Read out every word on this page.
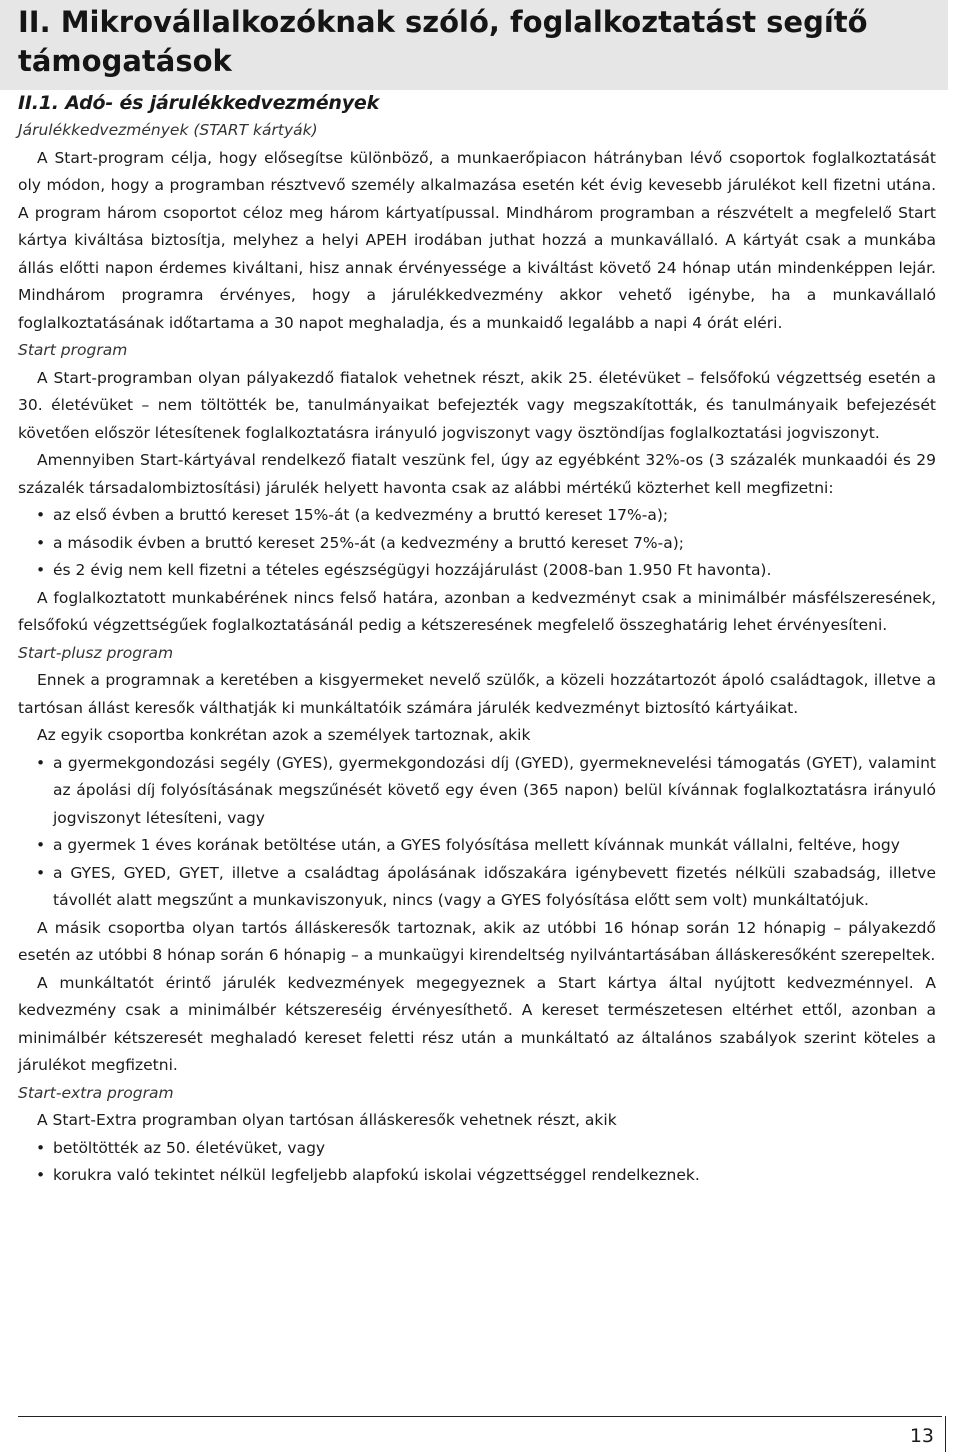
II. Mikrovállalkozóknak szóló, foglalkoztatást segítő támogatások
II.1. Adó- és járulékkedvezmények
Járulékkedvezmények (START kártyák)

A Start-program célja, hogy elősegítse különböző, a munkaerőpiacon hátrányban lévő csoportok foglalkoztatását oly módon, hogy a programban résztvevő személy alkalmazása esetén két évig kevesebb járulékot kell fizetni utána. A program három csoportot céloz meg három kártyatípussal. Mindhárom programban a részvételt a megfelelő Start kártya kiváltása biztosítja, melyhez a helyi APEH irodában juthat hozzá a munkavállaló. A kártyát csak a munkába állás előtti napon érdemes kiváltani, hisz annak érvényessége a kiváltást követő 24 hónap után mindenképpen lejár. Mindhárom programra érvényes, hogy a járulékkedvezmény akkor vehető igénybe, ha a munkavállaló foglalkoztatásának időtartama a 30 napot meghaladja, és a munkaidő legalább a napi 4 órát eléri.

Start program

A Start-programban olyan pályakezdő fiatalok vehetnek részt, akik 25. életévüket – felsőfokú végzettség esetén a 30. életévüket – nem töltötték be, tanulmányaikat befejezték vagy megszakították, és tanulmányaik befejezését követően először létesítenek foglalkoztatásra irányuló jogviszonyt vagy ösztöndíjas foglalkoztatási jogviszonyt.

Amennyiben Start-kártyával rendelkező fiatalt veszünk fel, úgy az egyébként 32%-os (3 százalék munkaadói és 29 százalék társadalombiztosítási) járulék helyett havonta csak az alábbi mértékű közterhet kell megfizetni:

• az első évben a bruttó kereset 15%-át (a kedvezmény a bruttó kereset 17%-a);
• a második évben a bruttó kereset 25%-át (a kedvezmény a bruttó kereset 7%-a);
• és 2 évig nem kell fizetni a tételes egészségügyi hozzájárulást (2008-ban 1.950 Ft havonta).

A foglalkoztatott munkabérének nincs felső határa, azonban a kedvezményt csak a minimálbér másfélszeresének, felsőfokú végzettségűek foglalkoztatásánál pedig a kétszeresének megfelelő összeghatárig lehet érvényesíteni.

Start-plusz program

Ennek a programnak a keretében a kisgyermeket nevelő szülők, a közeli hozzátartozót ápoló családtagok, illetve a tartósan állást keresők válthatják ki munkáltatóik számára járulék kedvezményt biztosító kártyáikat.

Az egyik csoportba konkrétan azok a személyek tartoznak, akik

• a gyermekgondozási segély (GYES), gyermekgondozási díj (GYED), gyermeknevelési támogatás (GYET), valamint az ápolási díj folyósításának megszűnését követő egy éven (365 napon) belül kívánnak foglalkoztatásra irányuló jogviszonyt létesíteni, vagy
• a gyermek 1 éves korának betöltése után, a GYES folyósítása mellett kívánnak munkát vállalni, feltéve, hogy
• a GYES, GYED, GYET, illetve a családtag ápolásának időszakára igénybevett fizetés nélküli szabadság, illetve távollét alatt megszűnt a munkaviszonyuk, nincs (vagy a GYES folyósítása előtt sem volt) munkáltatójuk.

A másik csoportba olyan tartós álláskeresők tartoznak, akik az utóbbi 16 hónap során 12 hónapig – pályakezdő esetén az utóbbi 8 hónap során 6 hónapig – a munkaügyi kirendeltség nyilvántartásában álláskeresőként szerepeltek.

A munkáltatót érintő járulék kedvezmények megegyeznek a Start kártya által nyújtott kedvezménnyel. A kedvezmény csak a minimálbér kétszereséig érvényesíthető. A kereset természetesen eltérhet ettől, azonban a minimálbér kétszeresét meghaladó kereset feletti rész után a munkáltató az általános szabályok szerint köteles a járulékot megfizetni.

Start-extra program

A Start-Extra programban olyan tartósan álláskeresők vehetnek részt, akik

• betöltötték az 50. életévüket, vagy
• korukra való tekintet nélkül legfeljebb alapfokú iskolai végzettséggel rendelkeznek.
13
